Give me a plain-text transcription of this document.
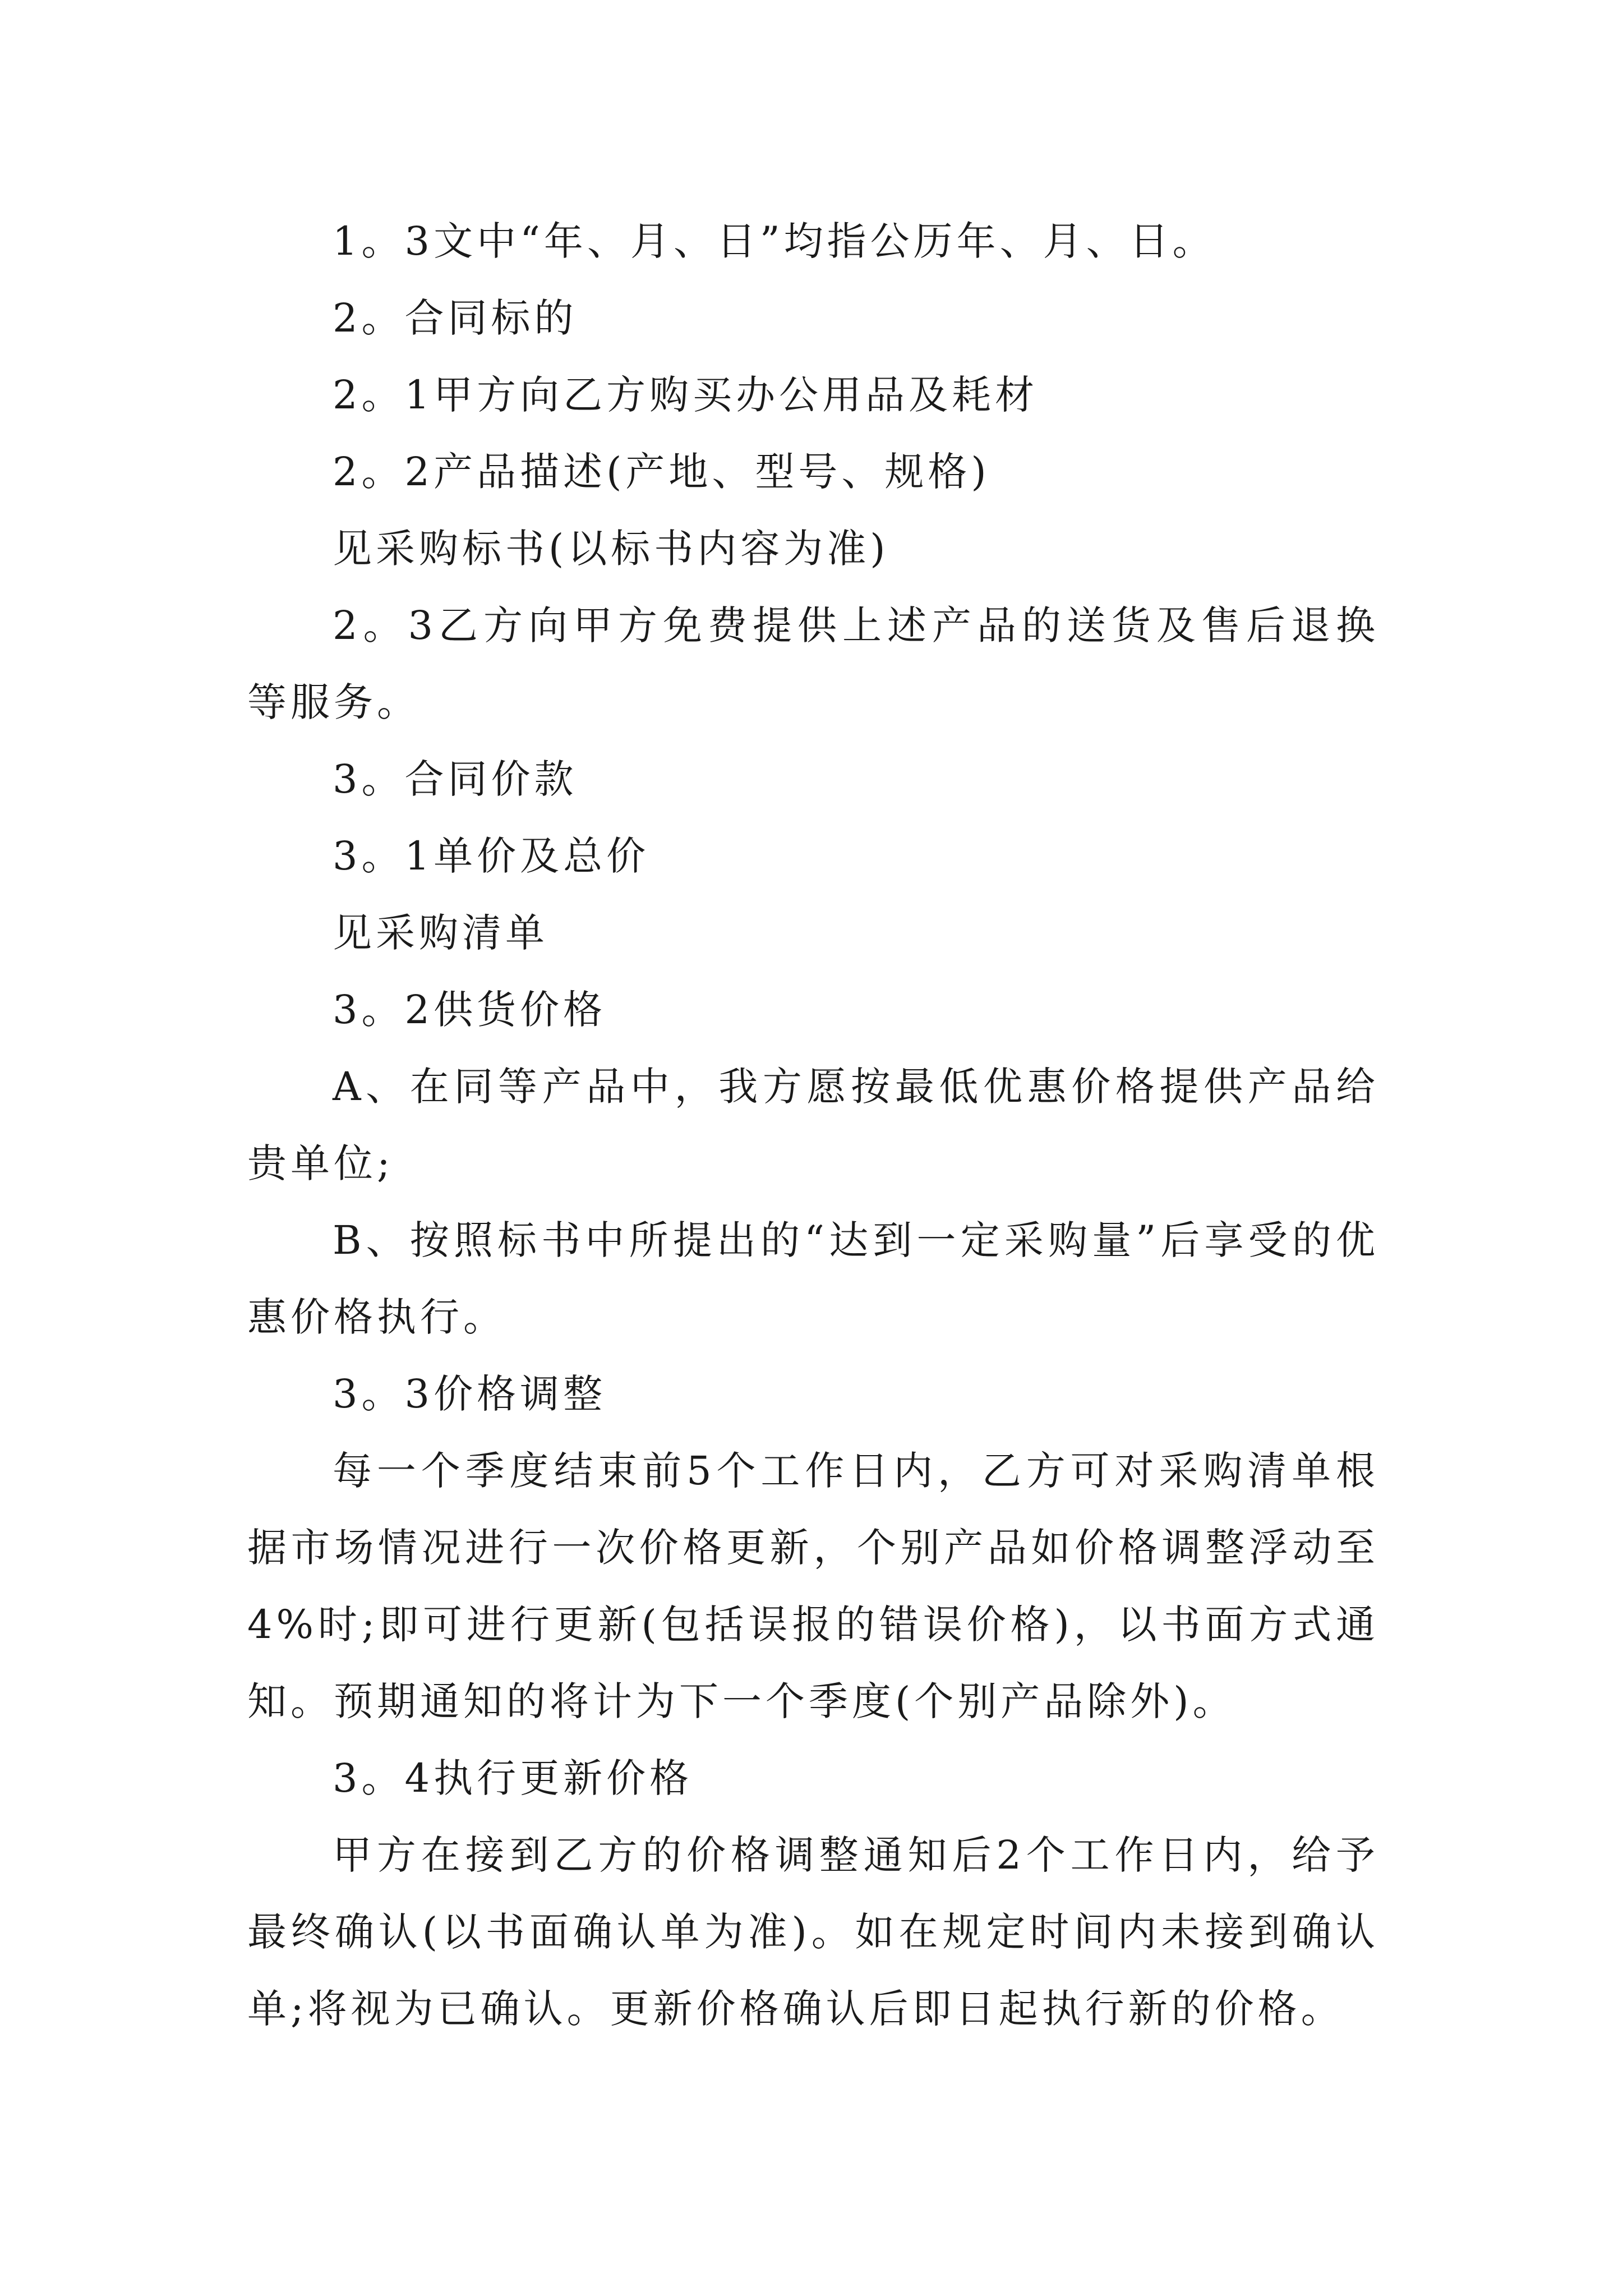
1。3文中“年、月、日”均指公历年、月、日。

2。合同标的

2。1甲方向乙方购买办公用品及耗材

2。2产品描述(产地、型号、规格)

见采购标书(以标书内容为准)

2。3乙方向甲方免费提供上述产品的送货及售后退换等服务。

3。合同价款

3。1单价及总价

见采购清单

3。2供货价格

A、在同等产品中，我方愿按最低优惠价格提供产品给贵单位;

B、按照标书中所提出的“达到一定采购量”后享受的优惠价格执行。

3。3价格调整

每一个季度结束前5个工作日内，乙方可对采购清单根据市场情况进行一次价格更新，个别产品如价格调整浮动至4%时;即可进行更新(包括误报的错误价格)，以书面方式通知。预期通知的将计为下一个季度(个别产品除外)。

3。4执行更新价格

甲方在接到乙方的价格调整通知后2个工作日内，给予最终确认(以书面确认单为准)。如在规定时间内未接到确认单;将视为已确认。更新价格确认后即日起执行新的价格。
